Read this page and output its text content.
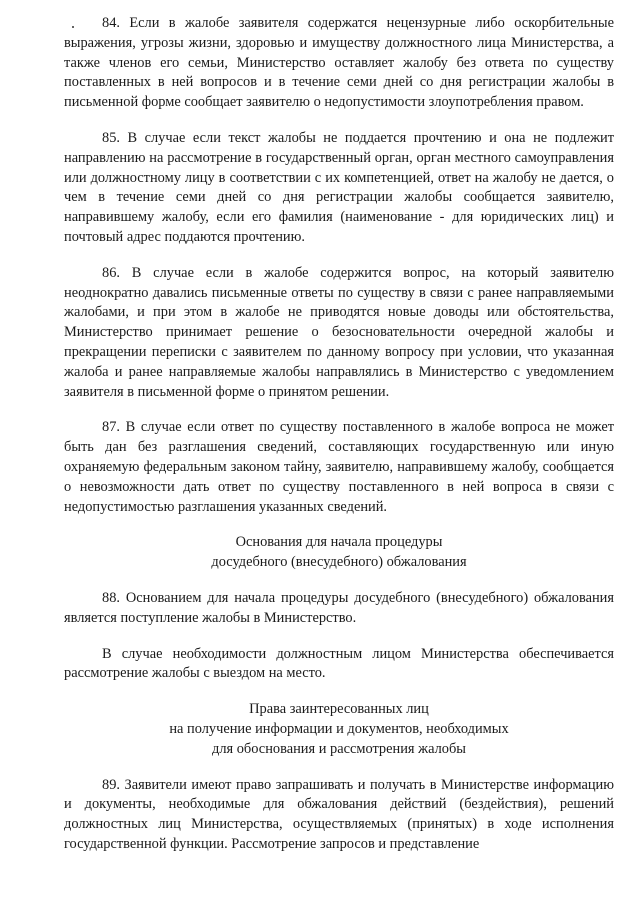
84. Если в жалобе заявителя содержатся нецензурные либо оскорбительные выражения, угрозы жизни, здоровью и имуществу должностного лица Министерства, а также членов его семьи, Министерство оставляет жалобу без ответа по существу поставленных в ней вопросов и в течение семи дней со дня регистрации жалобы в письменной форме сообщает заявителю о недопустимости злоупотребления правом.

85. В случае если текст жалобы не поддается прочтению и она не подлежит направлению на рассмотрение в государственный орган, орган местного самоуправления или должностному лицу в соответствии с их компетенцией, ответ на жалобу не дается, о чем в течение семи дней со дня регистрации жалобы сообщается заявителю, направившему жалобу, если его фамилия (наименование - для юридических лиц) и почтовый адрес поддаются прочтению.

86. В случае если в жалобе содержится вопрос, на который заявителю неоднократно давались письменные ответы по существу в связи с ранее направляемыми жалобами, и при этом в жалобе не приводятся новые доводы или обстоятельства, Министерство принимает решение о безосновательности очередной жалобы и прекращении переписки с заявителем по данному вопросу при условии, что указанная жалоба и ранее направляемые жалобы направлялись в Министерство с уведомлением заявителя в письменной форме о принятом решении.

87. В случае если ответ по существу поставленного в жалобе вопроса не может быть дан без разглашения сведений, составляющих государственную или иную охраняемую федеральным законом тайну, заявителю, направившему жалобу, сообщается о невозможности дать ответ по существу поставленного в ней вопроса в связи с недопустимостью разглашения указанных сведений.

Основания для начала процедуры
досудебного (внесудебного) обжалования

88. Основанием для начала процедуры досудебного (внесудебного) обжалования является поступление жалобы в Министерство.

В случае необходимости должностным лицом Министерства обеспечивается рассмотрение жалобы с выездом на место.

Права заинтересованных лиц
на получение информации и документов, необходимых
для обоснования и рассмотрения жалобы

89. Заявители имеют право запрашивать и получать в Министерстве информацию и документы, необходимые для обжалования действий (бездействия), решений должностных лиц Министерства, осуществляемых (принятых) в ходе исполнения государственной функции. Рассмотрение запросов и представление
